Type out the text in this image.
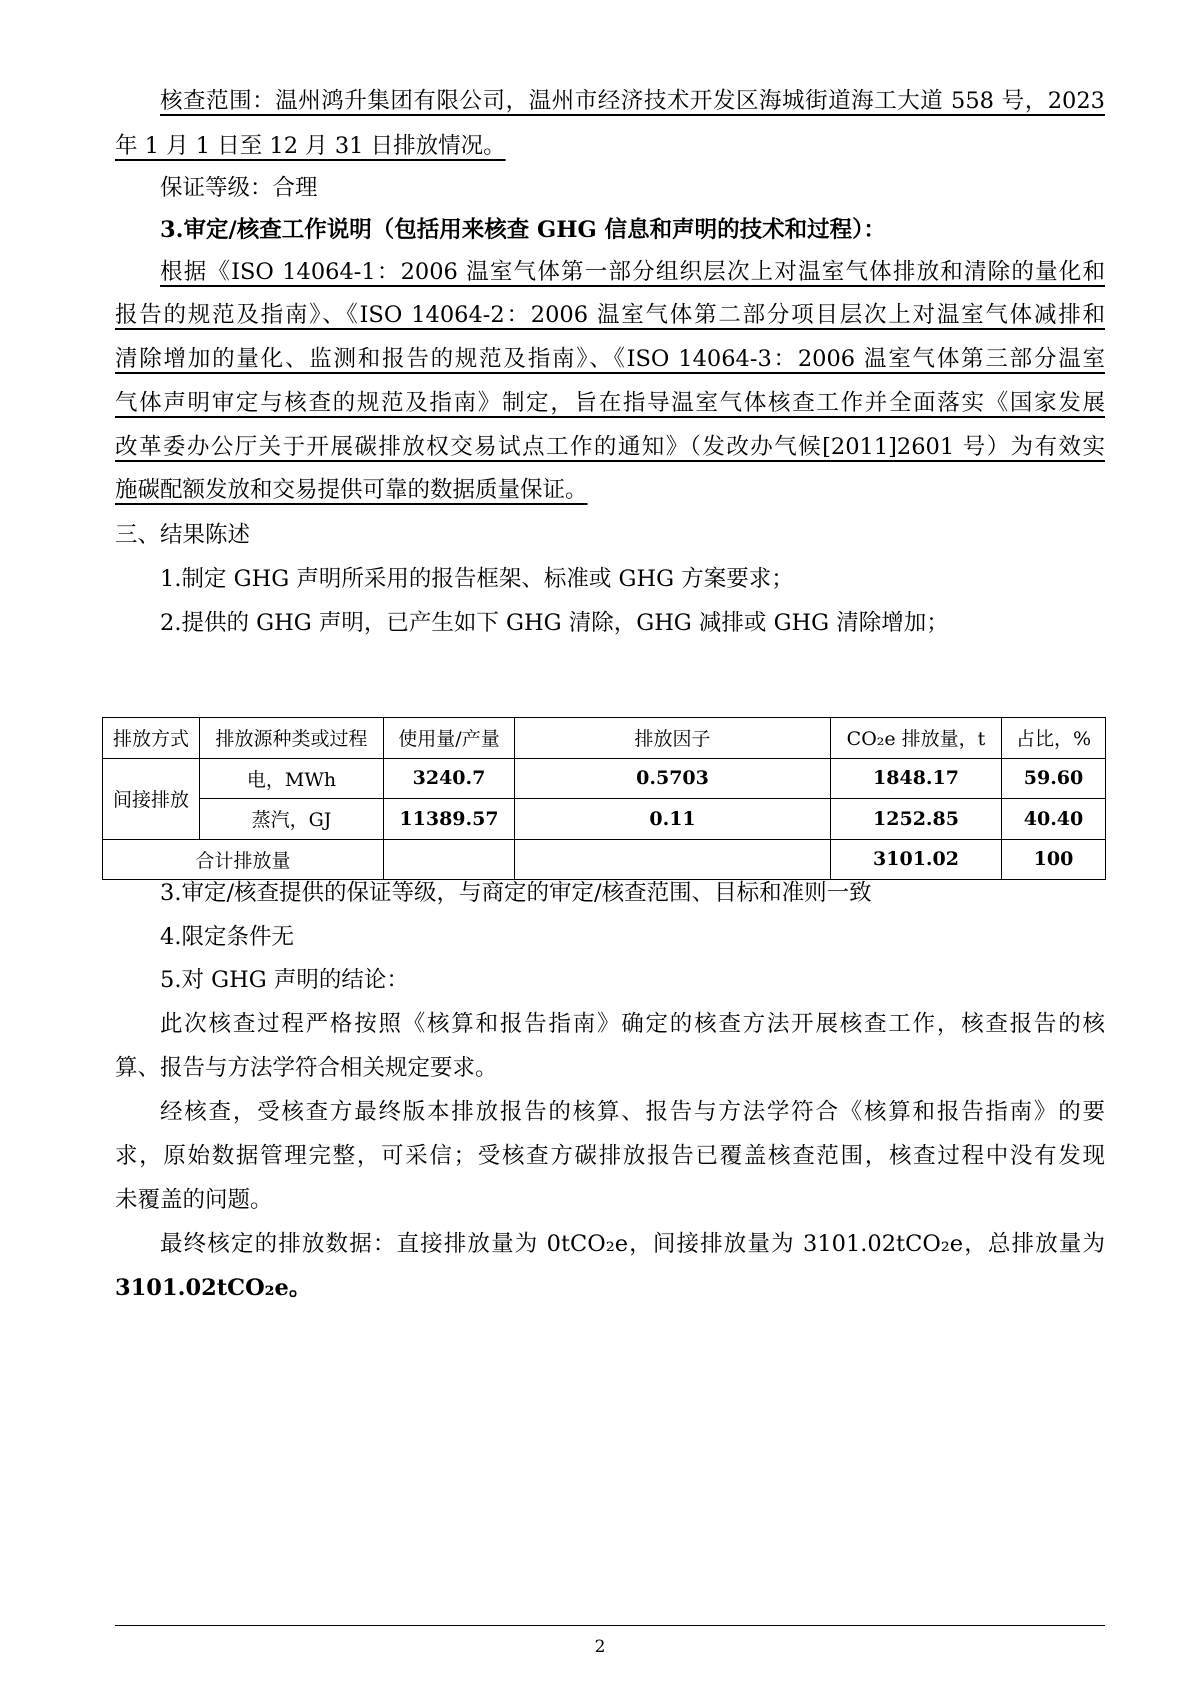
核查范围：温州鸿升集团有限公司，温州市经济技术开发区海城街道海工大道 558 号，2023
年 1 月 1 日至 12 月 31 日排放情况。
保证等级：合理
3.审定/核查工作说明（包括用来核查 GHG 信息和声明的技术和过程）：
根据《ISO 14064-1：2006 温室气体第一部分组织层次上对温室气体排放和清除的量化和
报告的规范及指南》、《ISO 14064-2：2006 温室气体第二部分项目层次上对温室气体减排和
清除增加的量化、监测和报告的规范及指南》、《ISO 14064-3：2006 温室气体第三部分温室
气体声明审定与核查的规范及指南》制定，旨在指导温室气体核查工作并全面落实《国家发展
改革委办公厅关于开展碳排放权交易试点工作的通知》（发改办气候[2011]2601 号）为有效实
施碳配额发放和交易提供可靠的数据质量保证。
三、结果陈述
1.制定 GHG 声明所采用的报告框架、标准或 GHG 方案要求；
2.提供的 GHG 声明，已产生如下 GHG 清除，GHG 减排或 GHG 清除增加；
排放方式	排放源种类或过程	使用量/产量	排放因子	CO₂e 排放量，t	占比，%
间接排放	电，MWh	3240.7	0.5703	1848.17	59.60
	蒸汽，GJ	11389.57	0.11	1252.85	40.40
合计排放量				3101.02	100
3.审定/核查提供的保证等级，与商定的审定/核查范围、目标和准则一致
4.限定条件无
5.对 GHG 声明的结论：
此次核查过程严格按照《核算和报告指南》确定的核查方法开展核查工作，核查报告的核
算、报告与方法学符合相关规定要求。
经核查，受核查方最终版本排放报告的核算、报告与方法学符合《核算和报告指南》的要
求，原始数据管理完整，可采信；受核查方碳排放报告已覆盖核查范围，核查过程中没有发现
未覆盖的问题。
最终核定的排放数据：直接排放量为 0tCO₂e，间接排放量为 3101.02tCO₂e，总排放量为
3101.02tCO₂e。
2
